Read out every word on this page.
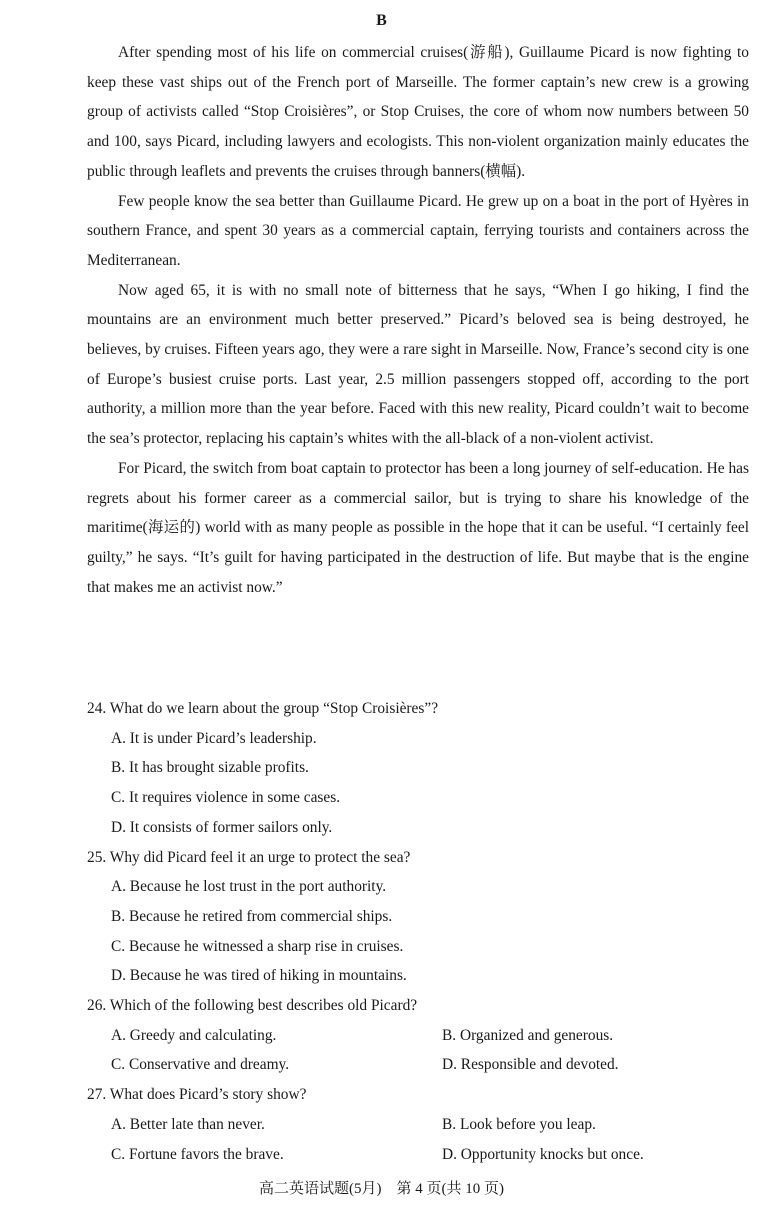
B

After spending most of his life on commercial cruises(游船), Guillaume Picard is now fighting to keep these vast ships out of the French port of Marseille. The former captain’s new crew is a growing group of activists called “Stop Croisières”, or Stop Cruises, the core of whom now numbers between 50 and 100, says Picard, including lawyers and ecologists. This non-violent organization mainly educates the public through leaflets and prevents the cruises through banners(横幅).

Few people know the sea better than Guillaume Picard. He grew up on a boat in the port of Hyères in southern France, and spent 30 years as a commercial captain, ferrying tourists and containers across the Mediterranean.

Now aged 65, it is with no small note of bitterness that he says, “When I go hiking, I find the mountains are an environment much better preserved.” Picard’s beloved sea is being destroyed, he believes, by cruises. Fifteen years ago, they were a rare sight in Marseille. Now, France’s second city is one of Europe’s busiest cruise ports. Last year, 2.5 million passengers stopped off, according to the port authority, a million more than the year before. Faced with this new reality, Picard couldn’t wait to become the sea’s protector, replacing his captain’s whites with the all-black of a non-violent activist.

For Picard, the switch from boat captain to protector has been a long journey of self-education. He has regrets about his former career as a commercial sailor, but is trying to share his knowledge of the maritime(海运的) world with as many people as possible in the hope that it can be useful. “I certainly feel guilty,” he says. “It’s guilt for having participated in the destruction of life. But maybe that is the engine that makes me an activist now.”

24. What do we learn about the group “Stop Croisières”?

A. It is under Picard’s leadership.

B. It has brought sizable profits.

C. It requires violence in some cases.

D. It consists of former sailors only.

25. Why did Picard feel it an urge to protect the sea?

A. Because he lost trust in the port authority.

B. Because he retired from commercial ships.

C. Because he witnessed a sharp rise in cruises.

D. Because he was tired of hiking in mountains.

26. Which of the following best describes old Picard?

A. Greedy and calculating.	B. Organized and generous.

C. Conservative and dreamy.	D. Responsible and devoted.

27. What does Picard’s story show?

A. Better late than never.	B. Look before you leap.

C. Fortune favors the brave.	D. Opportunity knocks but once.

高二英语试题(5月)　第 4 页(共 10 页)
